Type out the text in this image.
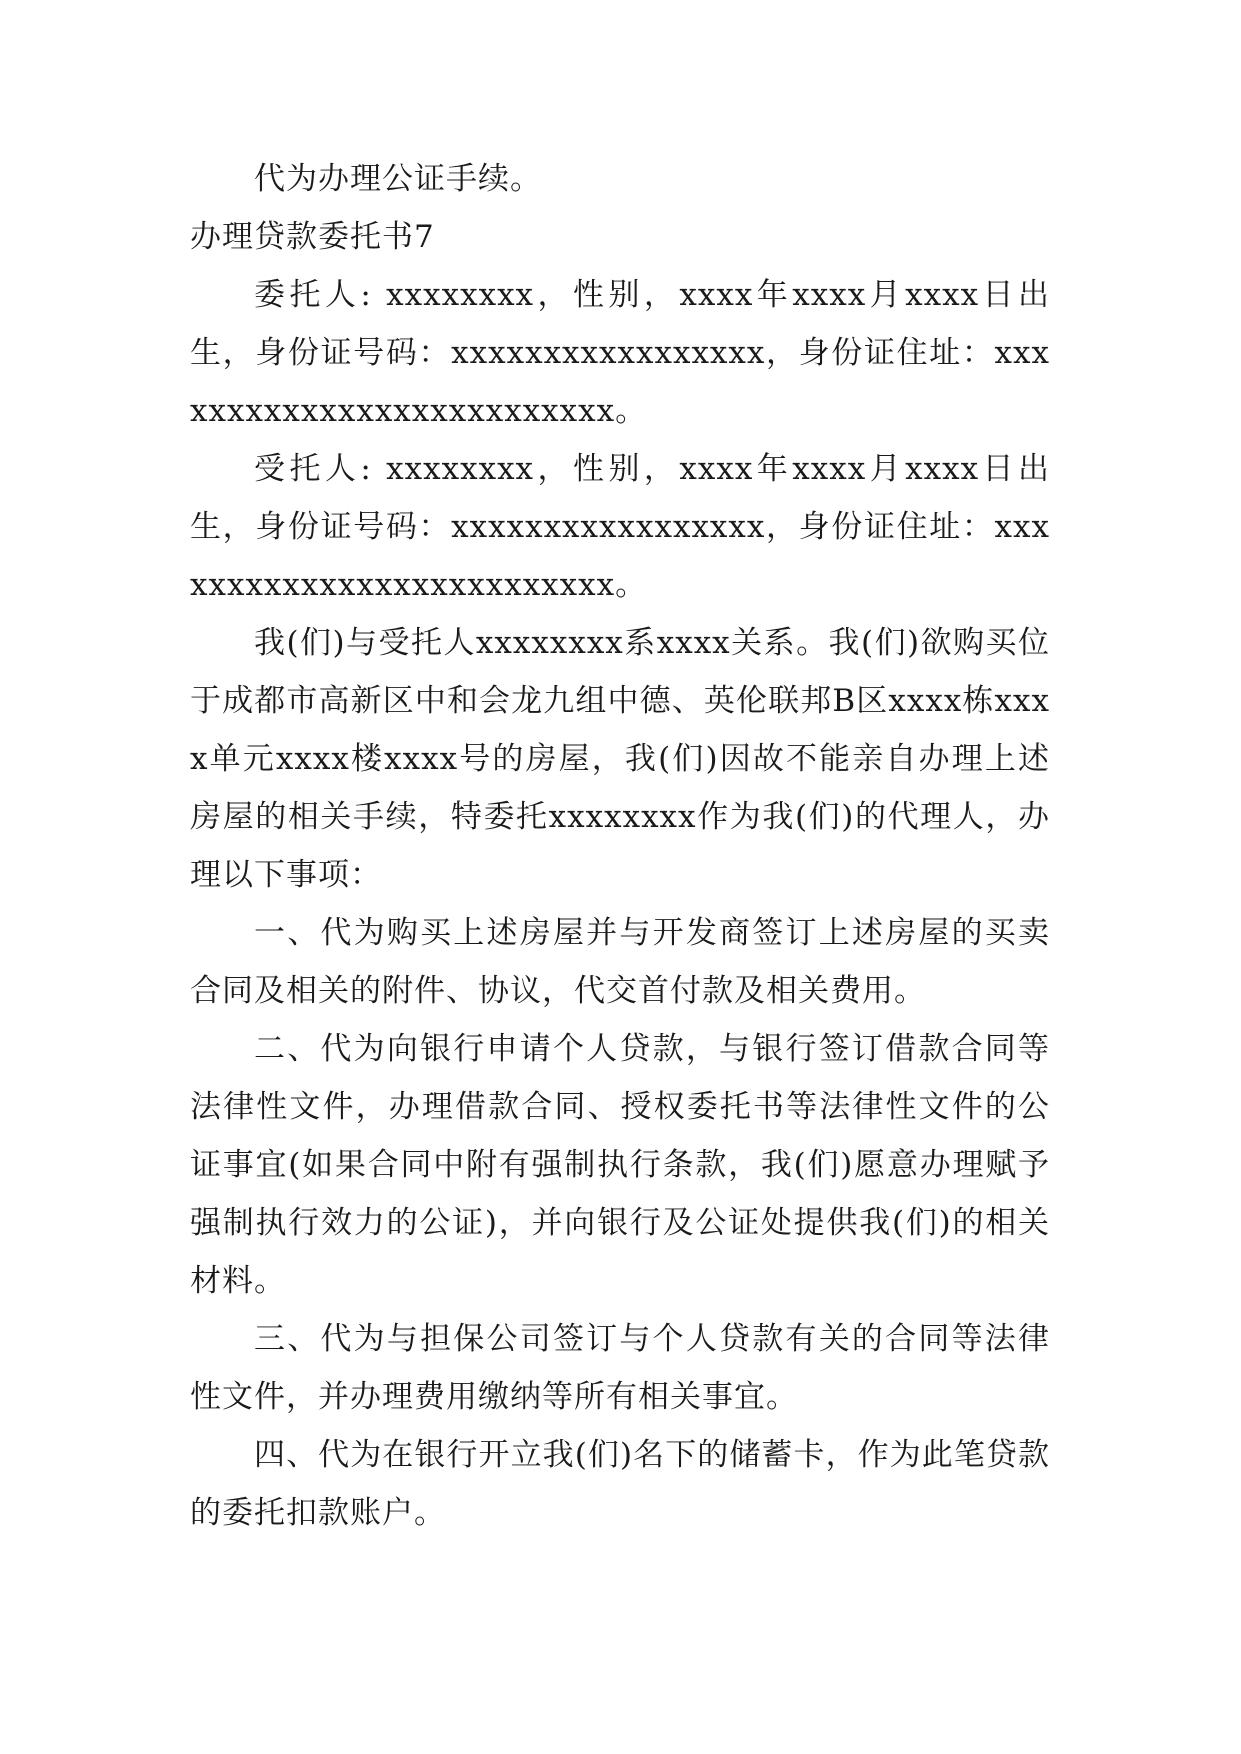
代为办理公证手续。

办理贷款委托书7

委托人: xxxxxxxx，性别，xxxx年xxxx月xxxx日出生，身份证号码：xxxxxxxxxxxxxxxxx，身份证住址：xxxxxxxxxxxxxxxxxxxxxxxxxx。

受托人: xxxxxxxx，性别，xxxx年xxxx月xxxx日出生，身份证号码：xxxxxxxxxxxxxxxxx，身份证住址：xxxxxxxxxxxxxxxxxxxxxxxxxx。

我(们)与受托人xxxxxxxx系xxxx关系。我(们)欲购买位于成都市高新区中和会龙九组中德、英伦联邦B区xxxx栋xxxx单元xxxx楼xxxx号的房屋，我(们)因故不能亲自办理上述房屋的相关手续，特委托xxxxxxxx作为我(们)的代理人，办理以下事项：

一、代为购买上述房屋并与开发商签订上述房屋的买卖合同及相关的附件、协议，代交首付款及相关费用。

二、代为向银行申请个人贷款，与银行签订借款合同等法律性文件，办理借款合同、授权委托书等法律性文件的公证事宜(如果合同中附有强制执行条款，我(们)愿意办理赋予强制执行效力的公证)，并向银行及公证处提供我(们)的相关材料。

三、代为与担保公司签订与个人贷款有关的合同等法律性文件，并办理费用缴纳等所有相关事宜。

四、代为在银行开立我(们)名下的储蓄卡，作为此笔贷款的委托扣款账户。
